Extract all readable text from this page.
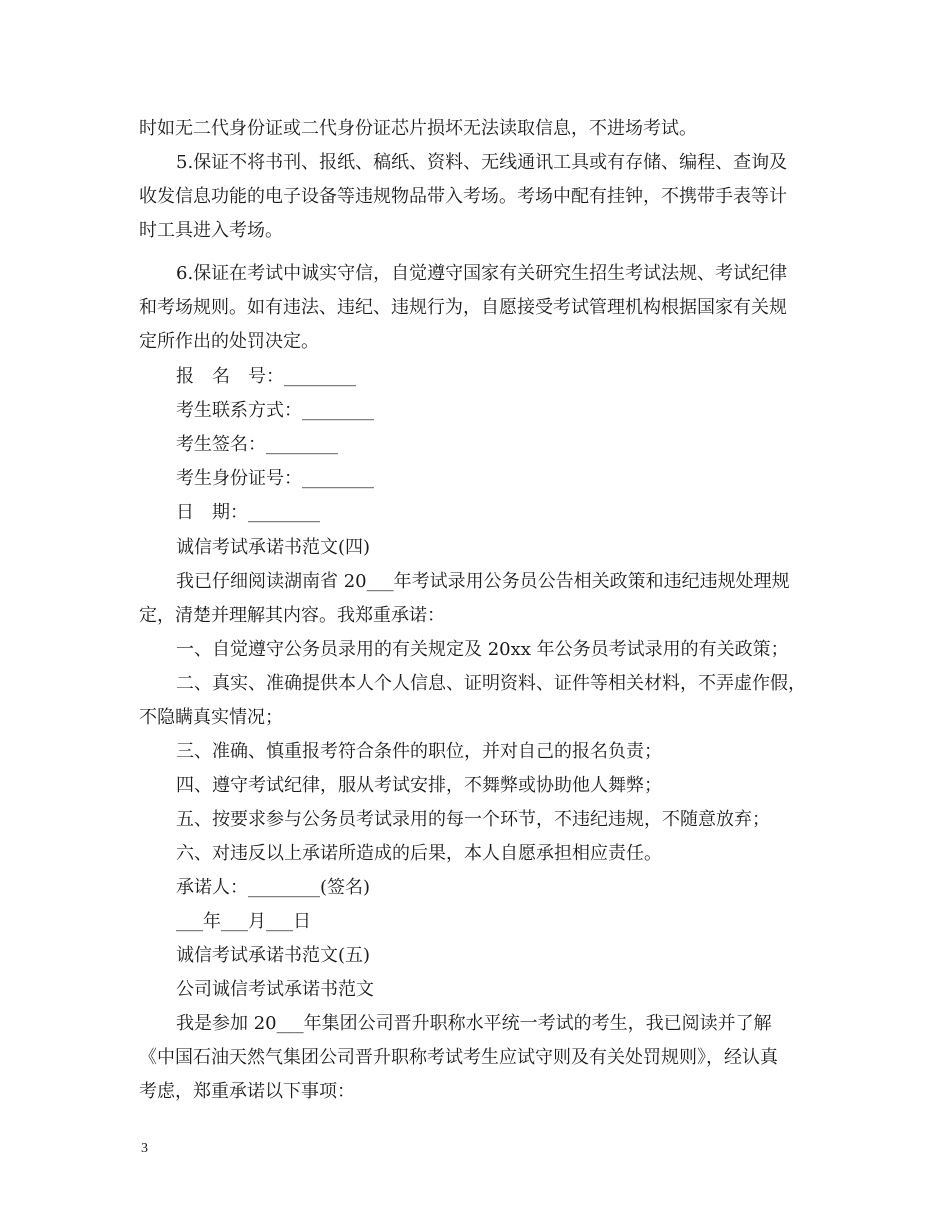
时如无二代身份证或二代身份证芯片损坏无法读取信息，不进场考试。
5.保证不将书刊、报纸、稿纸、资料、无线通讯工具或有存储、编程、查询及
收发信息功能的电子设备等违规物品带入考场。考场中配有挂钟，不携带手表等计
时工具进入考场。
6.保证在考试中诚实守信，自觉遵守国家有关研究生招生考试法规、考试纪律
和考场规则。如有违法、违纪、违规行为，自愿接受考试管理机构根据国家有关规
定所作出的处罚决定。
报　名　号：________
考生联系方式：________
考生签名：________
考生身份证号：________
日　期：________
诚信考试承诺书范文(四)
我已仔细阅读湖南省 20___年考试录用公务员公告相关政策和违纪违规处理规
定，清楚并理解其内容。我郑重承诺：
一、自觉遵守公务员录用的有关规定及 20xx 年公务员考试录用的有关政策；
二、真实、准确提供本人个人信息、证明资料、证件等相关材料，不弄虚作假，
不隐瞒真实情况；
三、准确、慎重报考符合条件的职位，并对自己的报名负责；
四、遵守考试纪律，服从考试安排，不舞弊或协助他人舞弊；
五、按要求参与公务员考试录用的每一个环节，不违纪违规，不随意放弃；
六、对违反以上承诺所造成的后果，本人自愿承担相应责任。
承诺人：________(签名)
___年___月___日
诚信考试承诺书范文(五)
公司诚信考试承诺书范文
我是参加 20___年集团公司晋升职称水平统一考试的考生，我已阅读并了解
《中国石油天然气集团公司晋升职称考试考生应试守则及有关处罚规则》，经认真
考虑，郑重承诺以下事项：
3
